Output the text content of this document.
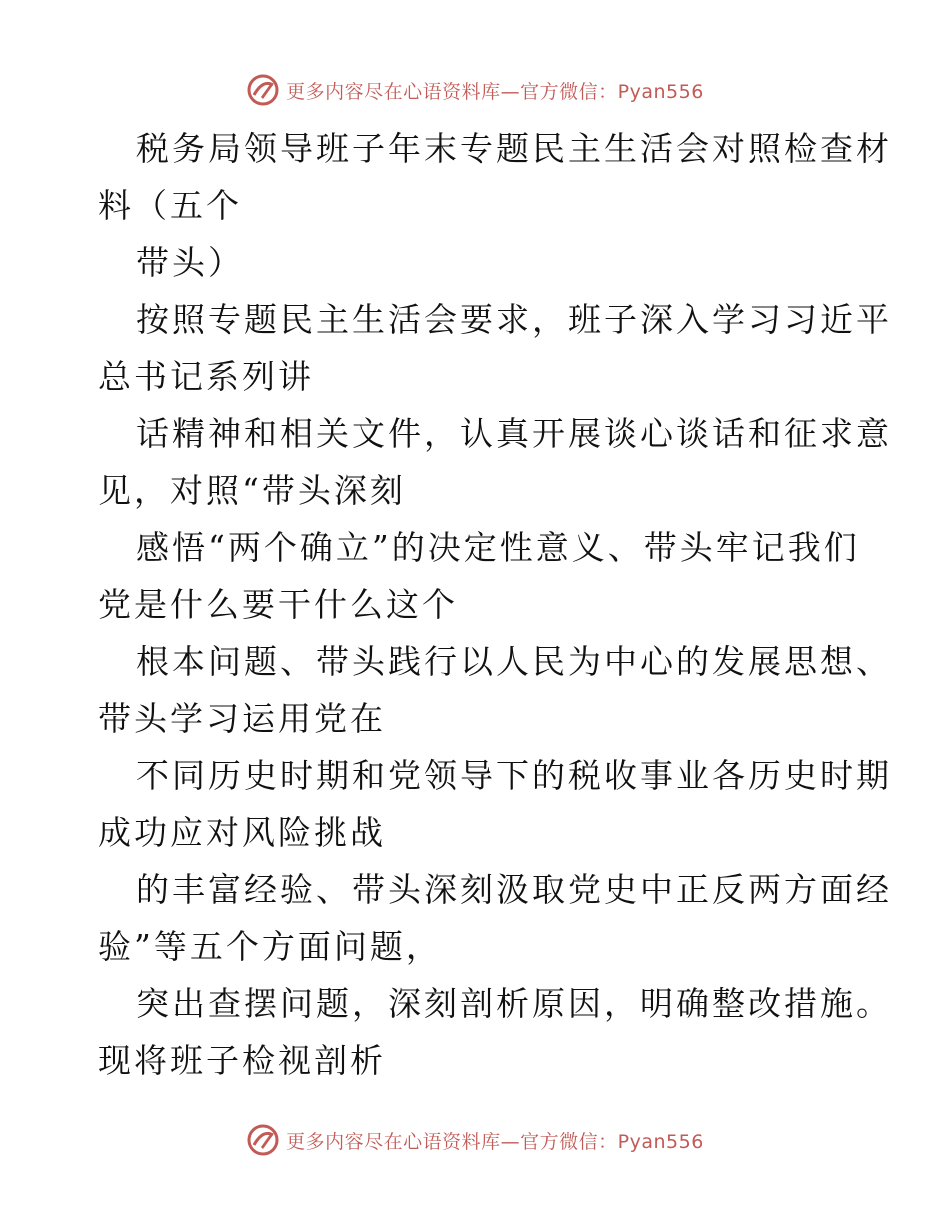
更多内容尽在心语资料库—官方微信：Pyan556
税务局领导班子年末专题民主生活会对照检查材
料（五个
带头）
按照专题民主生活会要求，班子深入学习习近平
总书记系列讲
话精神和相关文件，认真开展谈心谈话和征求意
见，对照“带头深刻
感悟“两个确立”的决定性意义、带头牢记我们
党是什么要干什么这个
根本问题、带头践行以人民为中心的发展思想、
带头学习运用党在
不同历史时期和党领导下的税收事业各历史时期
成功应对风险挑战
的丰富经验、带头深刻汲取党史中正反两方面经
验”等五个方面问题，
突出查摆问题，深刻剖析原因，明确整改措施。
现将班子检视剖析
更多内容尽在心语资料库—官方微信：Pyan556
